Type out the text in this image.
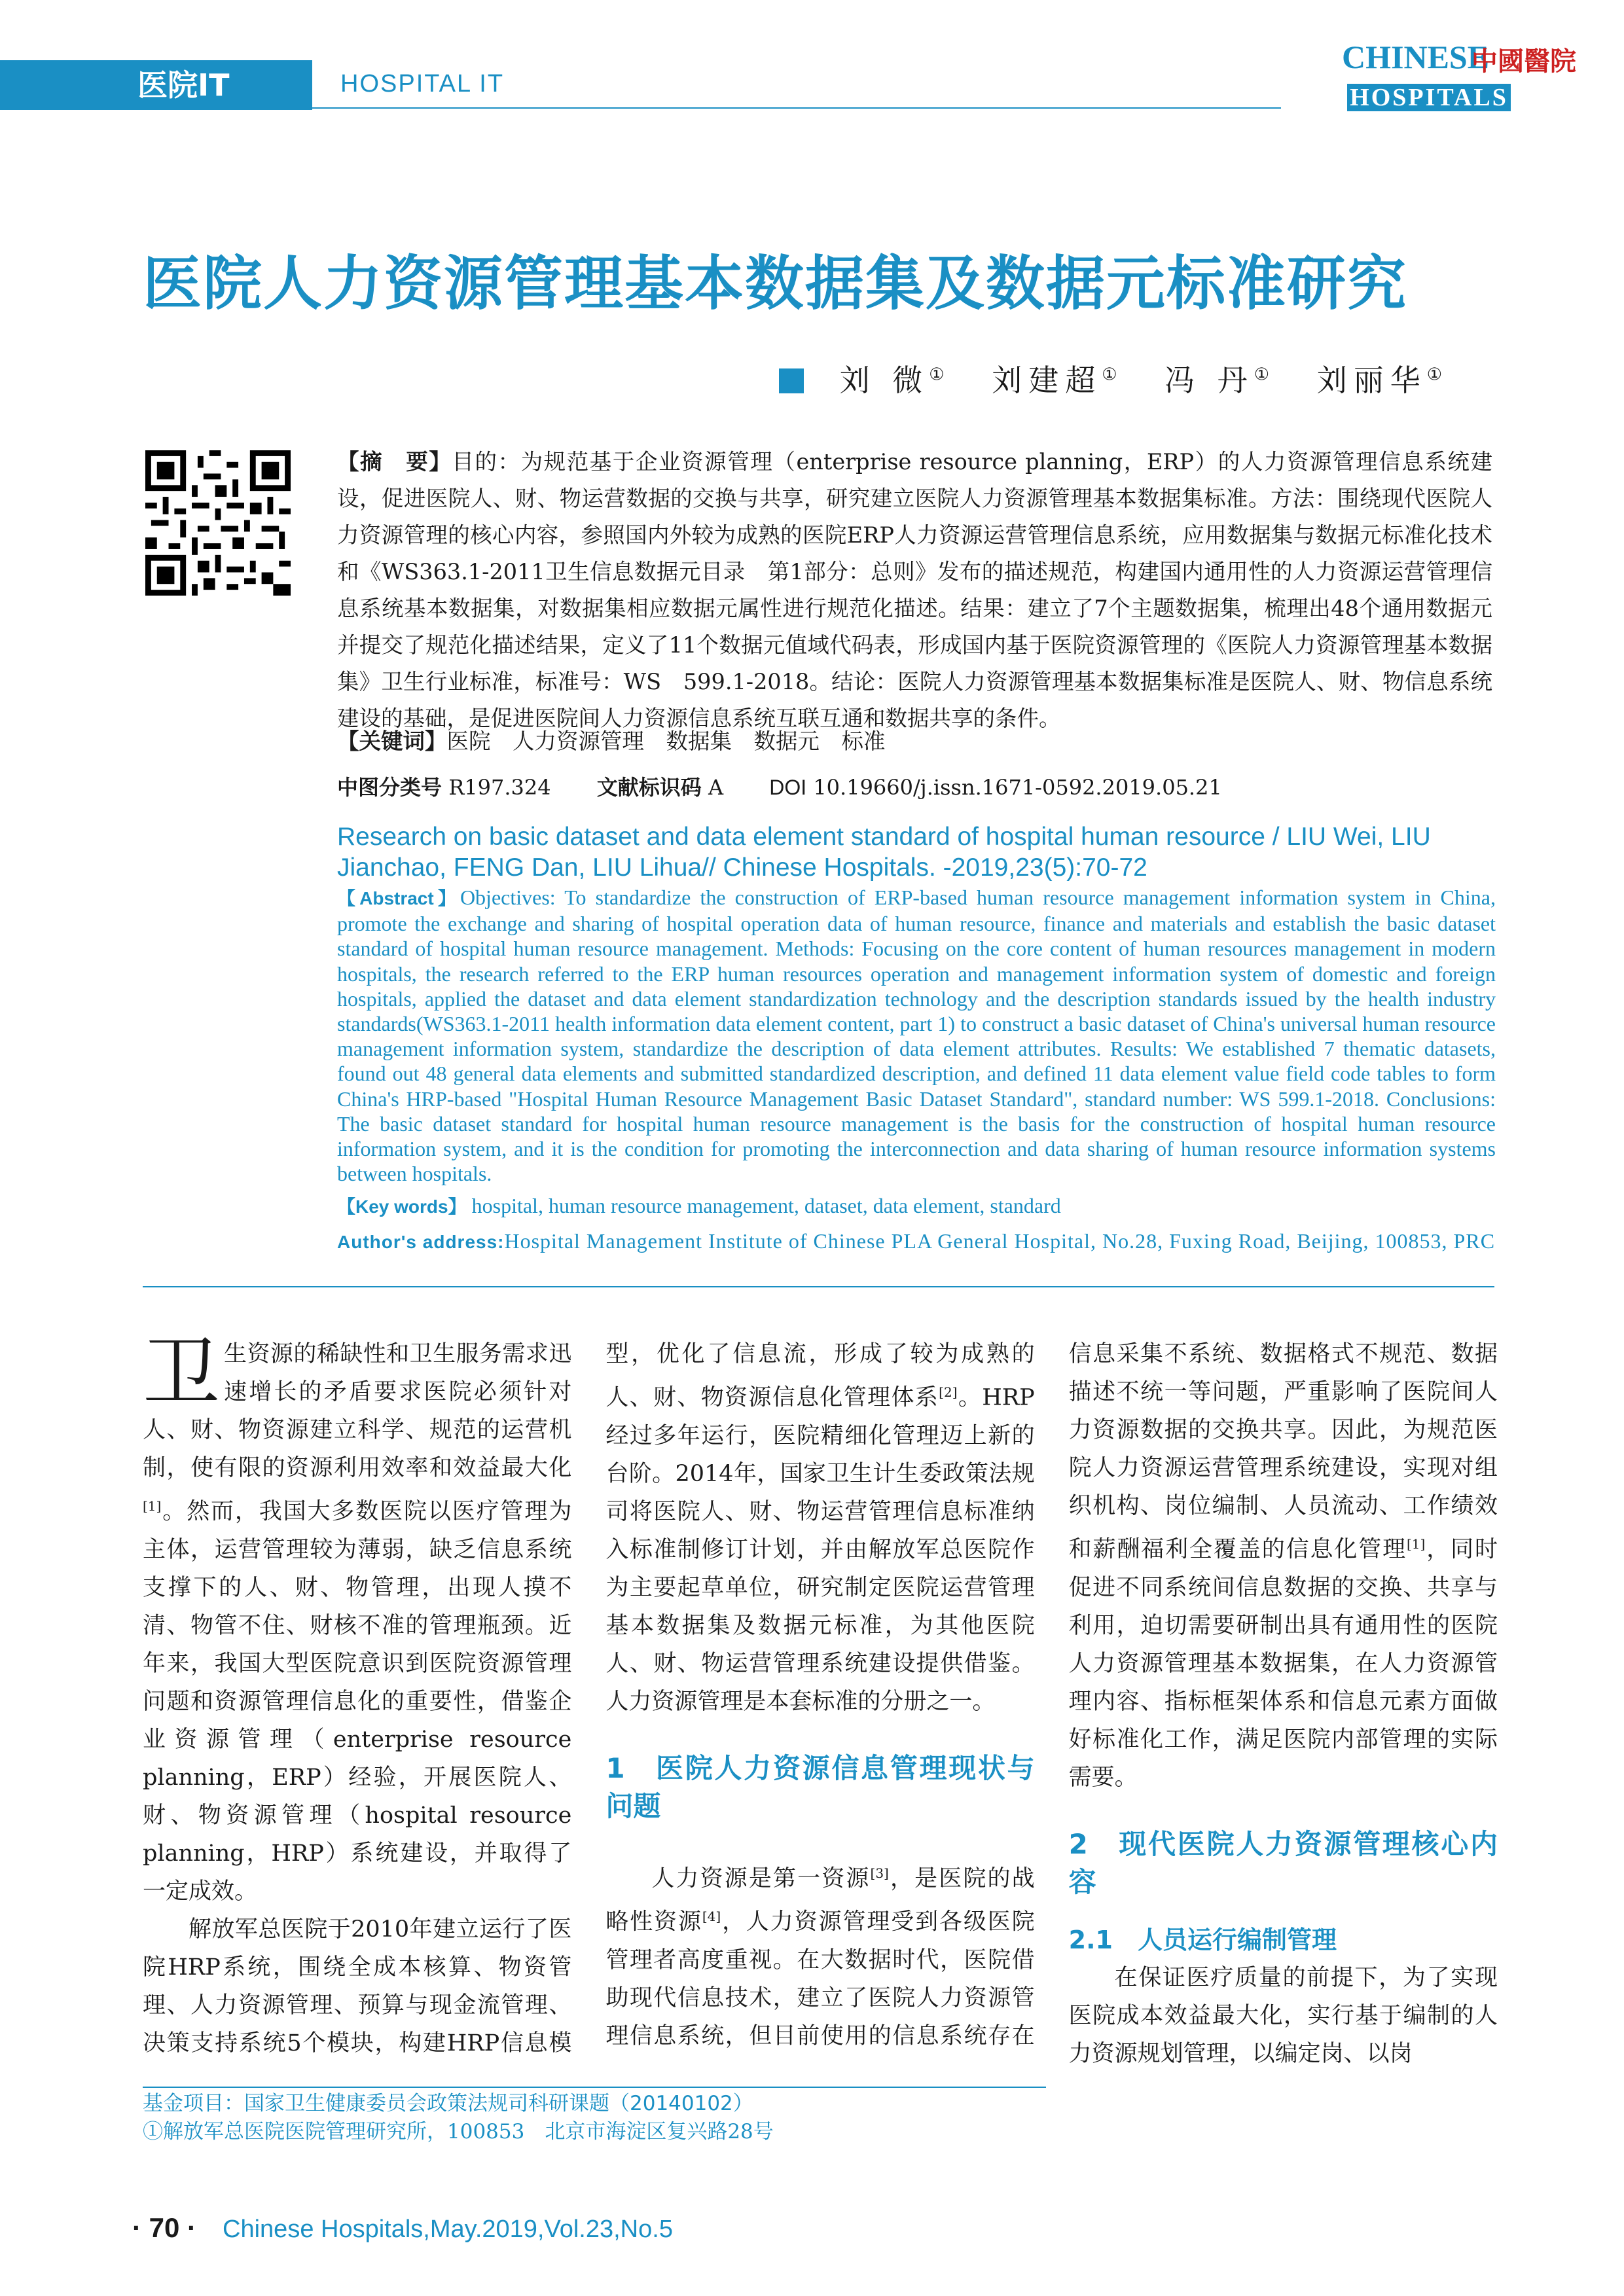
医院IT	HOSPITAL IT
CHINESE
中國醫院
HOSPITALS
医院人力资源管理基本数据集及数据元标准研究
刘 微① 刘建超① 冯 丹① 刘丽华①
【摘　要】目的：为规范基于企业资源管理（enterprise resource planning，ERP）的人力资源管理信息系统建设，促进医院人、财、物运营数据的交换与共享，研究建立医院人力资源管理基本数据集标准。方法：围绕现代医院人力资源管理的核心内容，参照国内外较为成熟的医院ERP人力资源运营管理信息系统，应用数据集与数据元标准化技术和《WS363.1-2011卫生信息数据元目录　第1部分：总则》发布的描述规范，构建国内通用性的人力资源运营管理信息系统基本数据集，对数据集相应数据元属性进行规范化描述。结果：建立了7个主题数据集，梳理出48个通用数据元并提交了规范化描述结果，定义了11个数据元值域代码表，形成国内基于医院资源管理的《医院人力资源管理基本数据集》卫生行业标准，标准号：WS　599.1-2018。结论：医院人力资源管理基本数据集标准是医院人、财、物信息系统建设的基础，是促进医院间人力资源信息系统互联互通和数据共享的条件。
【关键词】医院　人力资源管理　数据集　数据元　标准
中图分类号 R197.324 文献标识码 A DOI 10.19660/j.issn.1671-0592.2019.05.21
Research on basic dataset and data element standard of hospital human resource / LIU Wei, LIU Jianchao, FENG Dan, LIU Lihua// Chinese Hospitals. -2019,23(5):70-72
【Abstract】Objectives: To standardize the construction of ERP-based human resource management information system in China, promote the exchange and sharing of hospital operation data of human resource, finance and materials and establish the basic dataset standard of hospital human resource management. Methods: Focusing on the core content of human resources management in modern hospitals, the research referred to the ERP human resources operation and management information system of domestic and foreign hospitals, applied the dataset and data element standardization technology and the description standards issued by the health industry standards(WS363.1-2011 health information data element content, part 1) to construct a basic dataset of China's universal human resource management information system, standardize the description of data element attributes. Results: We established 7 thematic datasets, found out 48 general data elements and submitted standardized description, and defined 11 data element value field code tables to form China's HRP-based "Hospital Human Resource Management Basic Dataset Standard", standard number: WS 599.1-2018. Conclusions: The basic dataset standard for hospital human resource management is the basis for the construction of hospital human resource information system, and it is the condition for promoting the interconnection and data sharing of human resource information systems between hospitals.
【Key words】 hospital, human resource management, dataset, data element, standard
Author's address:Hospital Management Institute of Chinese PLA General Hospital, No.28, Fuxing Road, Beijing, 100853, PRC

卫生资源的稀缺性和卫生服务需求迅速增长的矛盾要求医院必须针对人、财、物资源建立科学、规范的运营机制，使有限的资源利用效率和效益最大化[1]。然而，我国大多数医院以医疗管理为主体，运营管理较为薄弱，缺乏信息系统支撑下的人、财、物管理，出现人摸不清、物管不住、财核不准的管理瓶颈。近年来，我国大型医院意识到医院资源管理问题和资源管理信息化的重要性，借鉴企业资源管理（enterprise resource planning，ERP）经验，开展医院人、财、物资源管理（hospital resource planning，HRP）系统建设，并取得了一定成效。

解放军总医院于2010年建立运行了医院HRP系统，围绕全成本核算、物资管理、人力资源管理、预算与现金流管理、决策支持系统5个模块，构建HRP信息模型，优化了信息流，形成了较为成熟的人、财、物资源信息化管理体系[2]。HRP经过多年运行，医院精细化管理迈上新的台阶。2014年，国家卫生计生委政策法规司将医院人、财、物运营管理信息标准纳入标准制修订计划，并由解放军总医院作为主要起草单位，研究制定医院运营管理基本数据集及数据元标准，为其他医院人、财、物运营管理系统建设提供借鉴。人力资源管理是本套标准的分册之一。

1　医院人力资源信息管理现状与问题

人力资源是第一资源[3]，是医院的战略性资源[4]，人力资源管理受到各级医院管理者高度重视。在大数据时代，医院借助现代信息技术，建立了医院人力资源管理信息系统，但目前使用的信息系统存在信息采集不系统、数据格式不规范、数据描述不统一等问题，严重影响了医院间人力资源数据的交换共享。因此，为规范医院人力资源运营管理系统建设，实现对组织机构、岗位编制、人员流动、工作绩效和薪酬福利全覆盖的信息化管理[1]，同时促进不同系统间信息数据的交换、共享与利用，迫切需要研制出具有通用性的医院人力资源管理基本数据集，在人力资源管理内容、指标框架体系和信息元素方面做好标准化工作，满足医院内部管理的实际需要。

2　现代医院人力资源管理核心内容
2.1　人员运行编制管理

在保证医疗质量的前提下，为了实现医院成本效益最大化，实行基于编制的人力资源规划管理，以编定岗、以岗

基金项目：国家卫生健康委员会政策法规司科研课题（20140102）
①解放军总医院医院管理研究所，100853　北京市海淀区复兴路28号
· 70 · Chinese Hospitals,May.2019,Vol.23,No.5
